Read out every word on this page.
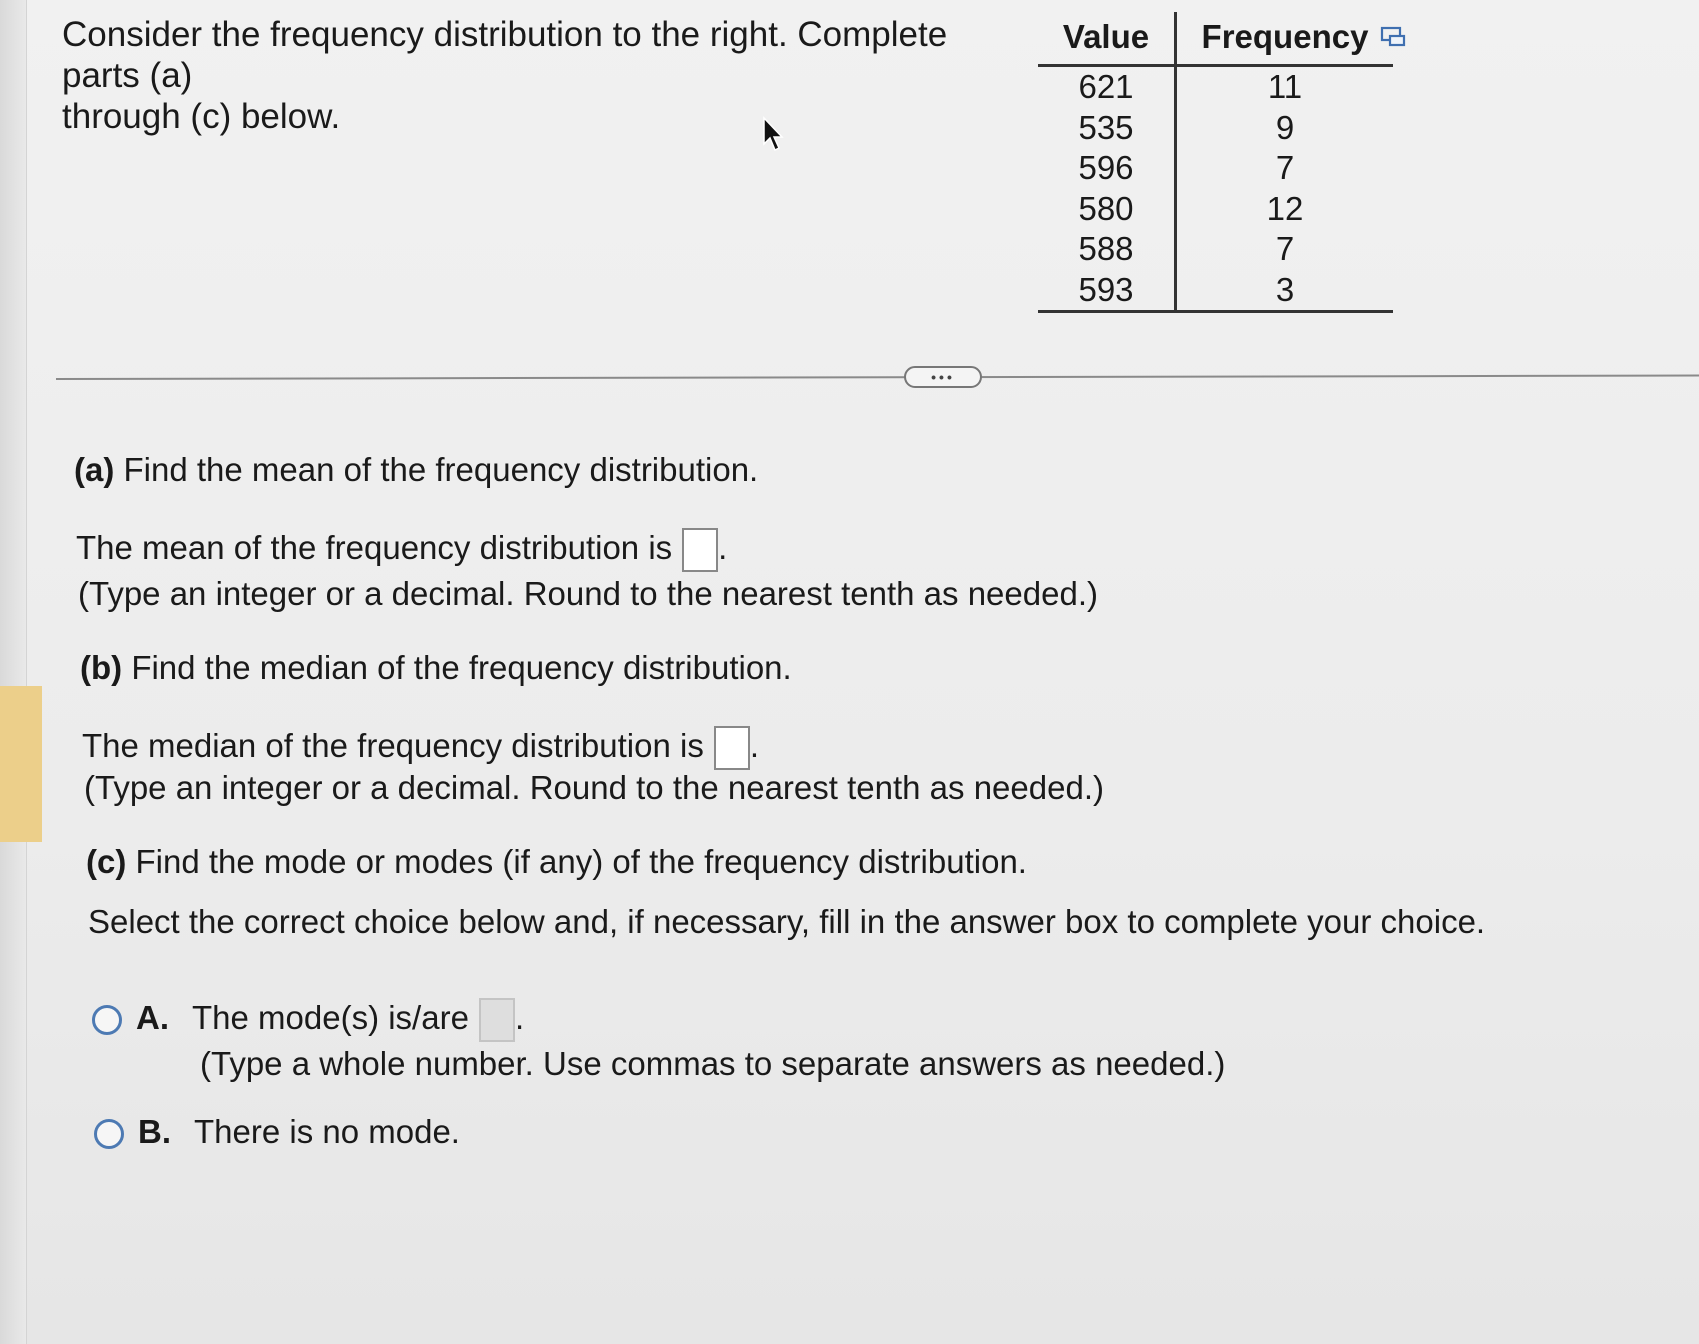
Consider the frequency distribution to the right. Complete parts (a)
through (c) below.
Value	Frequency
621	11
535	9
596	7
580	12
588	7
593	3
•••
(a) Find the mean of the frequency distribution.
The mean of the frequency distribution is .
(Type an integer or a decimal. Round to the nearest tenth as needed.)
(b) Find the median of the frequency distribution.
The median of the frequency distribution is .
(Type an integer or a decimal. Round to the nearest tenth as needed.)
(c) Find the mode or modes (if any) of the frequency distribution.
Select the correct choice below and, if necessary, fill in the answer box to complete your choice.
A. The mode(s) is/are .
(Type a whole number. Use commas to separate answers as needed.)
B. There is no mode.
